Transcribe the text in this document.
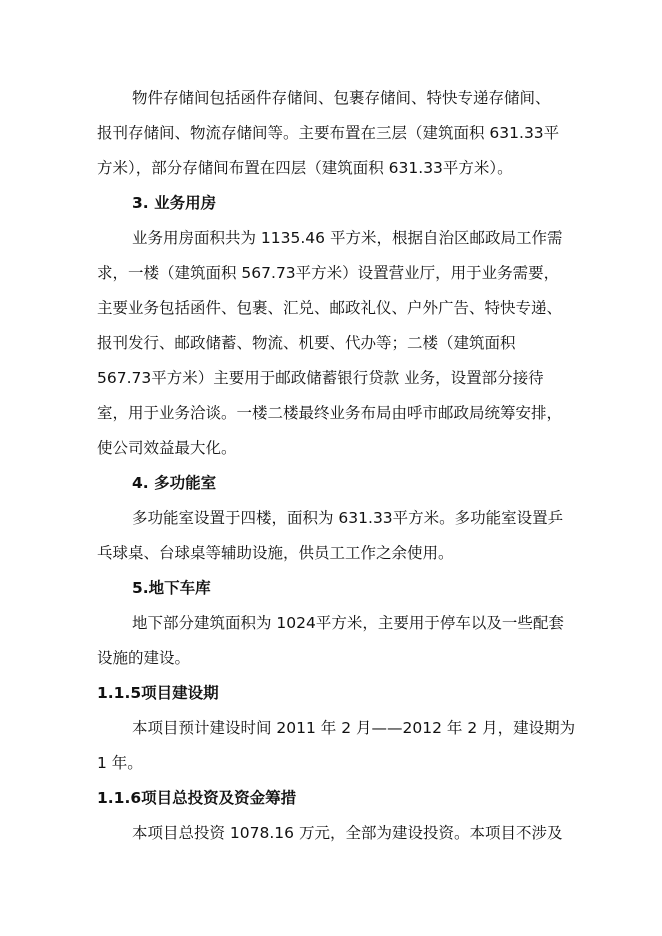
物件存储间包括函件存储间、包裹存储间、特快专递存储间、

报刊存储间、物流存储间等。主要布置在三层（建筑面积 631.33平

方米），部分存储间布置在四层（建筑面积 631.33平方米）。

3. 业务用房

业务用房面积共为 1135.46 平方米，根据自治区邮政局工作需

求，一楼（建筑面积 567.73平方米）设置营业厅，用于业务需要，

主要业务包括函件、包裹、汇兑、邮政礼仪、户外广告、特快专递、

报刊发行、邮政储蓄、物流、机要、代办等；二楼（建筑面积

567.73平方米）主要用于邮政储蓄银行贷款 业务，设置部分接待

室，用于业务洽谈。一楼二楼最终业务布局由呼市邮政局统筹安排，

使公司效益最大化。

4. 多功能室

多功能室设置于四楼，面积为 631.33平方米。多功能室设置乒

乓球桌、台球桌等辅助设施，供员工工作之余使用。

5.地下车库

地下部分建筑面积为 1024平方米，主要用于停车以及一些配套

设施的建设。

1.1.5项目建设期

本项目预计建设时间 2011 年 2 月——2012 年 2 月，建设期为

1 年。

1.1.6项目总投资及资金筹措

本项目总投资 1078.16 万元，全部为建设投资。本项目不涉及
